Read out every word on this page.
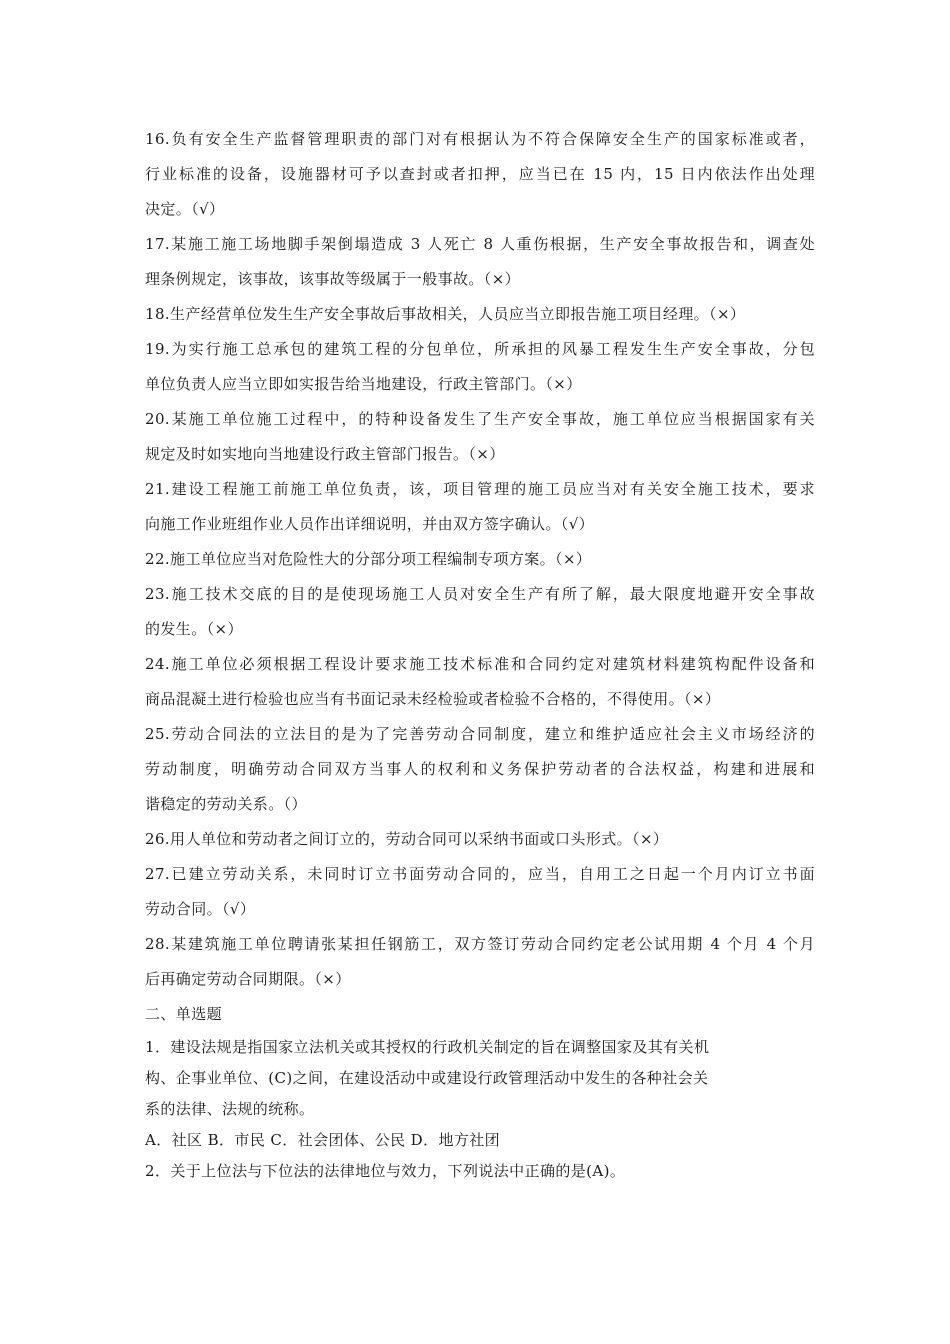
16.负有安全生产监督管理职责的部门对有根据认为不符合保障安全生产的国家标准或者，
行业标准的设备，设施器材可予以查封或者扣押，应当已在 15 内，15 日内依法作出处理
决定。（√）
17.某施工施工场地脚手架倒塌造成 3 人死亡 8 人重伤根据，生产安全事故报告和，调查处
理条例规定，该事故，该事故等级属于一般事故。（×）
18.生产经营单位发生生产安全事故后事故相关，人员应当立即报告施工项目经理。（×）
19.为实行施工总承包的建筑工程的分包单位，所承担的风暴工程发生生产安全事故，分包
单位负责人应当立即如实报告给当地建设，行政主管部门。（×）
20.某施工单位施工过程中，的特种设备发生了生产安全事故，施工单位应当根据国家有关
规定及时如实地向当地建设行政主管部门报告。（×）
21.建设工程施工前施工单位负责，该，项目管理的施工员应当对有关安全施工技术，要求
向施工作业班组作业人员作出详细说明，并由双方签字确认。（√）
22.施工单位应当对危险性大的分部分项工程编制专项方案。（×）
23.施工技术交底的目的是使现场施工人员对安全生产有所了解，最大限度地避开安全事故
的发生。（×）
24.施工单位必须根据工程设计要求施工技术标准和合同约定对建筑材料建筑构配件设备和
商品混凝土进行检验也应当有书面记录未经检验或者检验不合格的，不得使用。（×）
25.劳动合同法的立法目的是为了完善劳动合同制度，建立和维护适应社会主义市场经济的
劳动制度，明确劳动合同双方当事人的权利和义务保护劳动者的合法权益，构建和进展和
谐稳定的劳动关系。（）
26.用人单位和劳动者之间订立的，劳动合同可以采纳书面或口头形式。（×）
27.已建立劳动关系，未同时订立书面劳动合同的，应当，自用工之日起一个月内订立书面
劳动合同。（√）
28.某建筑施工单位聘请张某担任钢筋工，双方签订劳动合同约定老公试用期 4 个月 4 个月
后再确定劳动合同期限。（×）
二、单选题
1．建设法规是指国家立法机关或其授权的行政机关制定的旨在调整国家及其有关机
构、企事业单位、(C)之间，在建设活动中或建设行政管理活动中发生的各种社会关
系的法律、法规的统称。
A．社区 B．市民 C．社会团体、公民 D．地方社团
2．关于上位法与下位法的法律地位与效力，下列说法中正确的是(A)。
